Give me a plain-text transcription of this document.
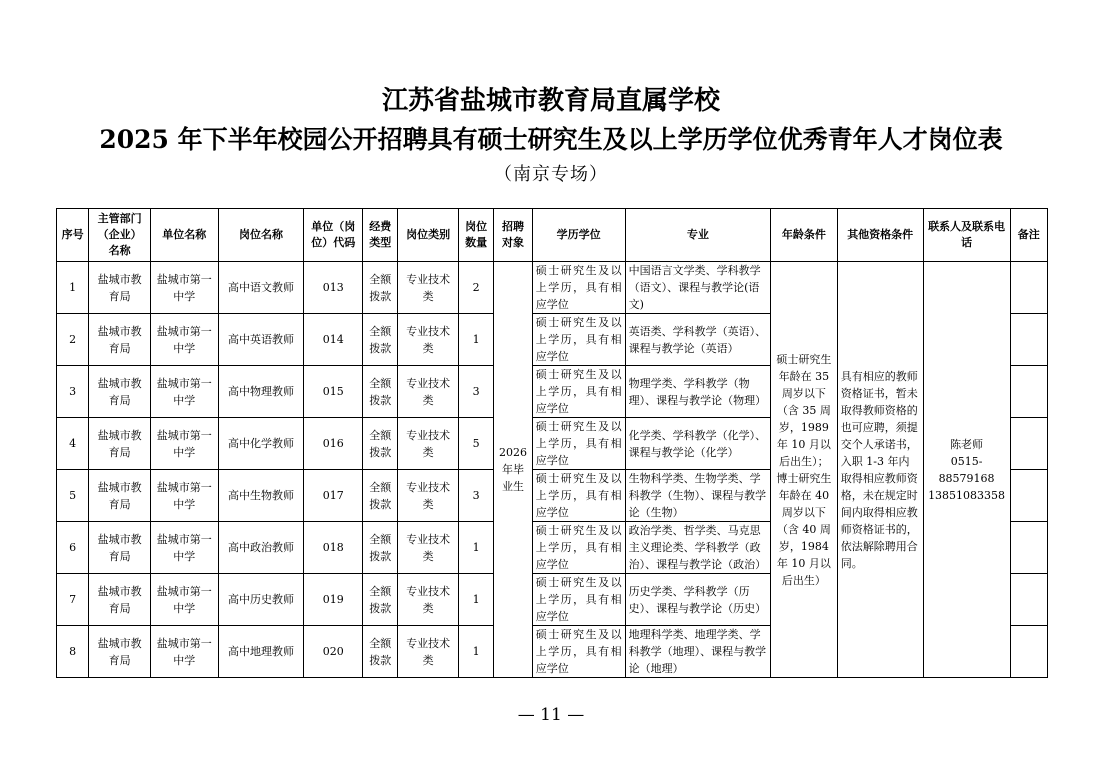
江苏省盐城市教育局直属学校
2025 年下半年校园公开招聘具有硕士研究生及以上学历学位优秀青年人才岗位表
（南京专场）
序号	主管部门（企业）名称	单位名称	岗位名称	单位（岗位）代码	经费类型	岗位类别	岗位数量	招聘对象	学历学位	专业	年龄条件	其他资格条件	联系人及联系电话	备注
1	盐城市教育局	盐城市第一中学	高中语文教师	013	全额拨款	专业技术类	2	2026 年毕业生	硕士研究生及以上学历，具有相应学位	中国语言文学类、学科教学（语文）、课程与教学论(语文)	硕士研究生年龄在 35 周岁以下（含 35 周岁，1989 年 10 月以后出生）；博士研究生年龄在 40 周岁以下（含 40 周岁，1984 年 10 月以后出生）	具有相应的教师资格证书，暂未取得教师资格的也可应聘，须提交个人承诺书，入职 1-3 年内取得相应教师资格，未在规定时间内取得相应教师资格证书的，依法解除聘用合同。	陈老师
0515-88579168
13851083358	

2	盐城市教育局	盐城市第一中学	高中英语教师	014	全额拨款	专业技术类	1		硕士研究生及以上学历，具有相应学位	英语类、学科教学（英语）、课程与教学论（英语）				
3	盐城市教育局	盐城市第一中学	高中物理教师	015	全额拨款	专业技术类	3		硕士研究生及以上学历，具有相应学位	物理学类、学科教学（物理）、课程与教学论（物理）				
4	盐城市教育局	盐城市第一中学	高中化学教师	016	全额拨款	专业技术类	5		硕士研究生及以上学历，具有相应学位	化学类、学科教学（化学）、课程与教学论（化学）				
5	盐城市教育局	盐城市第一中学	高中生物教师	017	全额拨款	专业技术类	3		硕士研究生及以上学历，具有相应学位	生物科学类、生物学类、学科教学（生物）、课程与教学论（生物）				
6	盐城市教育局	盐城市第一中学	高中政治教师	018	全额拨款	专业技术类	1		硕士研究生及以上学历，具有相应学位	政治学类、哲学类、马克思主义理论类、学科教学（政治）、课程与教学论（政治）				
7	盐城市教育局	盐城市第一中学	高中历史教师	019	全额拨款	专业技术类	1		硕士研究生及以上学历，具有相应学位	历史学类、学科教学（历史）、课程与教学论（历史）				
8	盐城市教育局	盐城市第一中学	高中地理教师	020	全额拨款	专业技术类	1		硕士研究生及以上学历，具有相应学位	地理科学类、地理学类、学科教学（地理）、课程与教学论（地理）				
— 11 —
